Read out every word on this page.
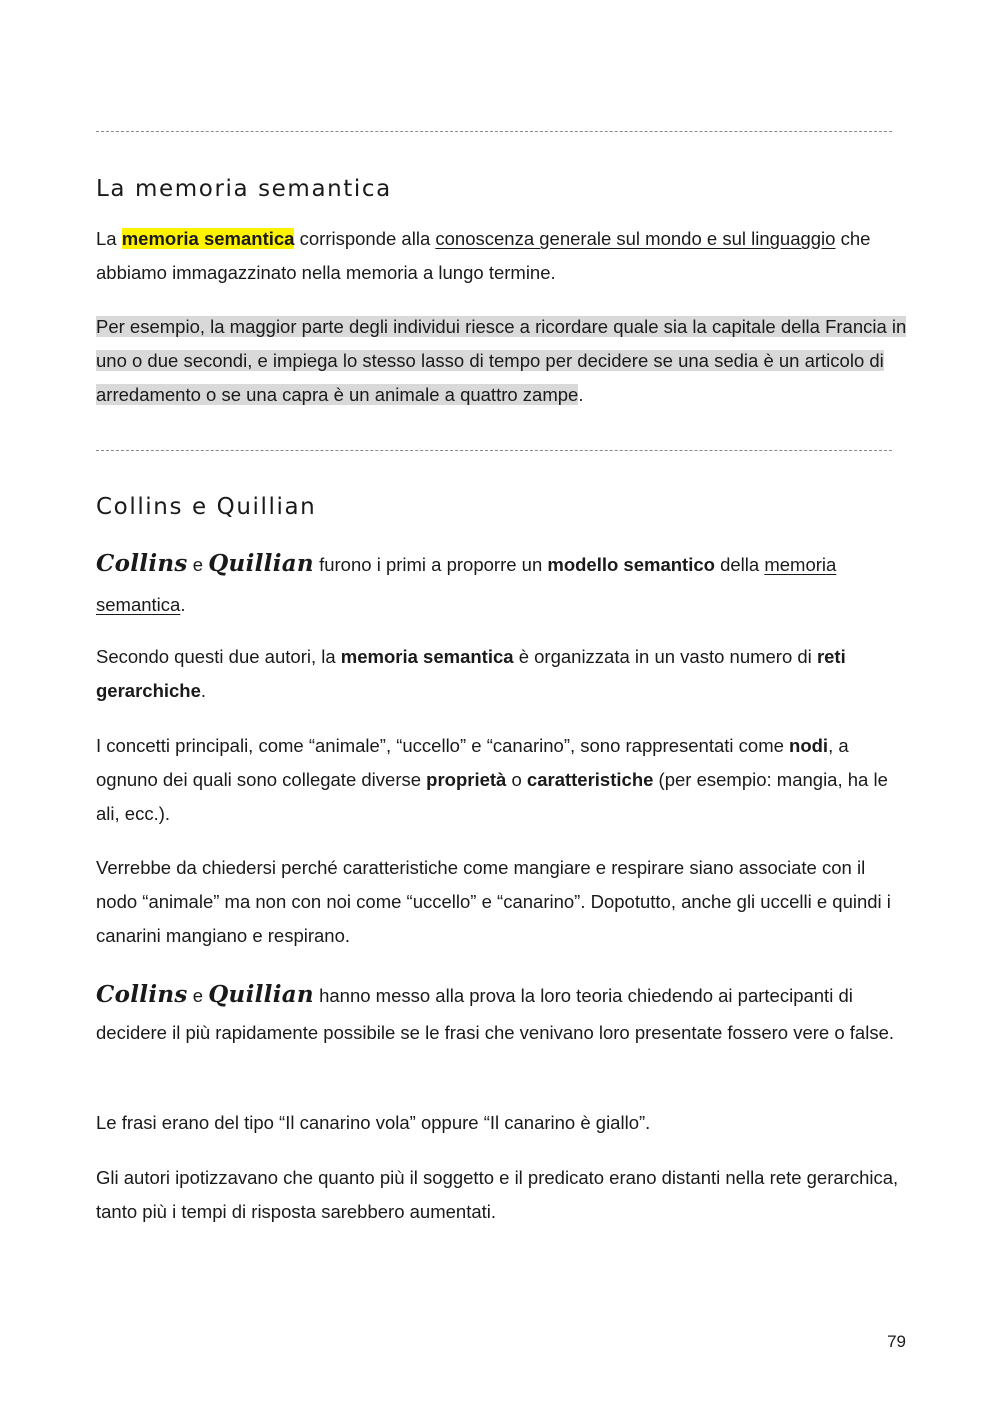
La memoria semantica

La memoria semantica corrisponde alla conoscenza generale sul mondo e sul linguaggio che abbiamo immagazzinato nella memoria a lungo termine.

Per esempio, la maggior parte degli individui riesce a ricordare quale sia la capitale della Francia in uno o due secondi, e impiega lo stesso lasso di tempo per decidere se una sedia è un articolo di arredamento o se una capra è un animale a quattro zampe.

Collins e Quillian

Collins e Quillian furono i primi a proporre un modello semantico della memoria semantica.

Secondo questi due autori, la memoria semantica è organizzata in un vasto numero di reti gerarchiche.

I concetti principali, come “animale”, “uccello” e “canarino”, sono rappresentati come nodi, a ognuno dei quali sono collegate diverse proprietà o caratteristiche (per esempio: mangia, ha le ali, ecc.).

Verrebbe da chiedersi perché caratteristiche come mangiare e respirare siano associate con il nodo “animale” ma non con noi come “uccello” e “canarino”. Dopotutto, anche gli uccelli e quindi i canarini mangiano e respirano.

Collins e Quillian hanno messo alla prova la loro teoria chiedendo ai partecipanti di decidere il più rapidamente possibile se le frasi che venivano loro presentate fossero vere o false.

Le frasi erano del tipo “Il canarino vola” oppure “Il canarino è giallo”.

Gli autori ipotizzavano che quanto più il soggetto e il predicato erano distanti nella rete gerarchica, tanto più i tempi di risposta sarebbero aumentati.

79
